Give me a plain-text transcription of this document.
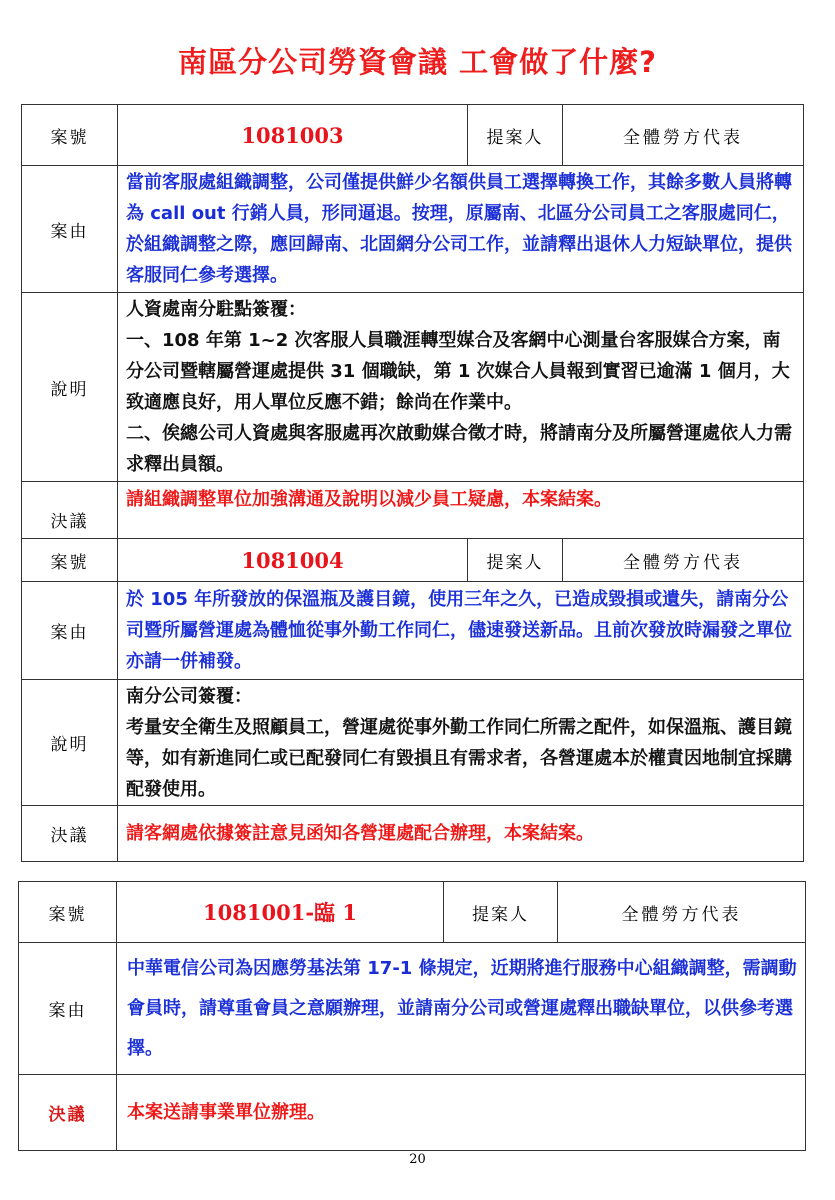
南區分公司勞資會議 工會做了什麼?
案號	1081003	提案人	全體勞方代表
案由	當前客服處組織調整，公司僅提供鮮少名額供員工選擇轉換工作，其餘多數人員將轉為 call out 行銷人員，形同逼退。按理，原屬南、北區分公司員工之客服處同仁，於組織調整之際，應回歸南、北固網分公司工作，並請釋出退休人力短缺單位，提供客服同仁參考選擇。		
說明	人資處南分駐點簽覆：
一、108 年第 1~2 次客服人員職涯轉型媒合及客網中心測量台客服媒合方案，南分公司暨轄屬營運處提供 31 個職缺，第 1 次媒合人員報到實習已逾滿 1 個月，大致適應良好，用人單位反應不錯；餘尚在作業中。
二、俟總公司人資處與客服處再次啟動媒合徵才時，將請南分及所屬營運處依人力需求釋出員額。		

決議	請組織調整單位加強溝通及說明以減少員工疑慮，本案結案。		
案號	1081004	提案人	全體勞方代表
案由	於 105 年所發放的保溫瓶及護目鏡，使用三年之久，已造成毀損或遺失，請南分公司暨所屬營運處為體恤從事外勤工作同仁，儘速發送新品。且前次發放時漏發之單位 亦請一併補發。		
說明	南分公司簽覆：
考量安全衛生及照顧員工，營運處從事外勤工作同仁所需之配件，如保溫瓶、護目鏡等，如有新進同仁或已配發同仁有毀損且有需求者，各營運處本於權責因地制宜採購配發使用。		

決議	請客網處依據簽註意見函知各營運處配合辦理，本案結案。		
案號	1081001-臨 1	提案人	全體勞方代表
案由	中華電信公司為因應勞基法第 17-1 條規定，近期將進行服務中心組織調整，需調動會員時，請尊重會員之意願辦理，並請南分公司或營運處釋出職缺單位，以供參考選擇。		
決議	本案送請事業單位辦理。		
20
